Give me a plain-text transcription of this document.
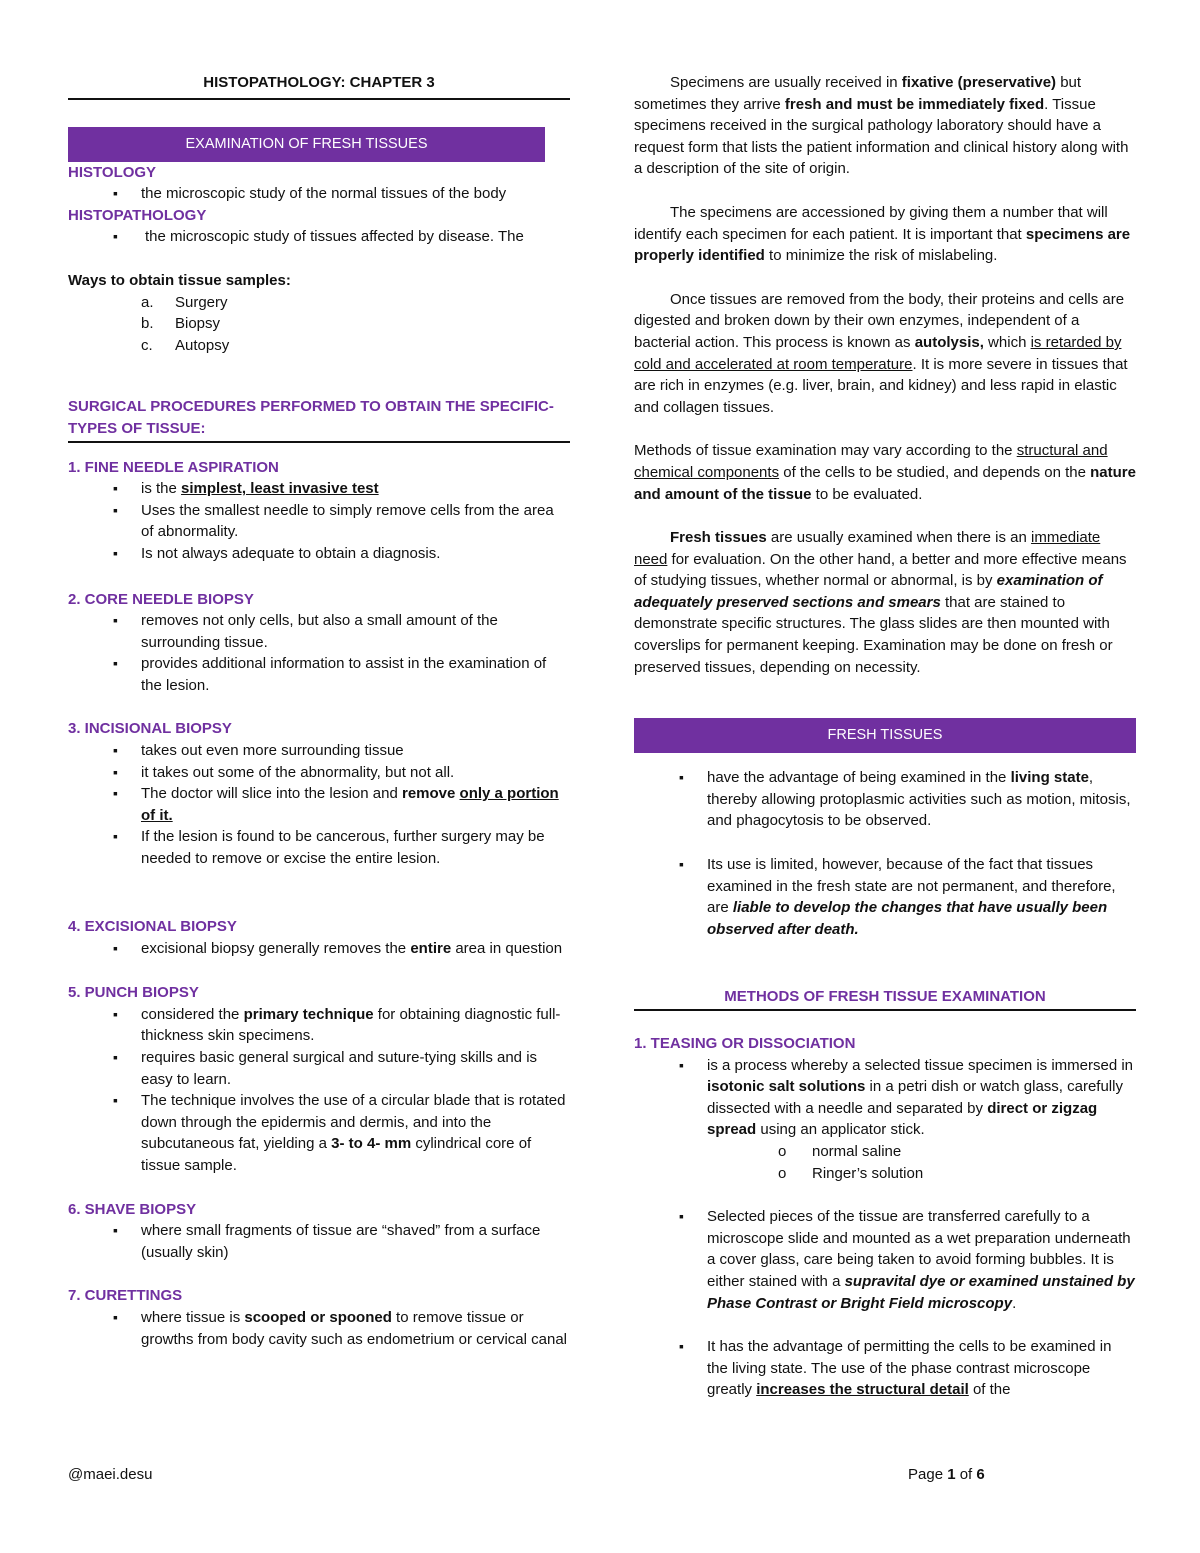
HISTOPATHOLOGY: CHAPTER 3
EXAMINATION OF FRESH TISSUES
HISTOLOGY
▪ the microscopic study of the normal tissues of the body
HISTOPATHOLOGY
▪ the microscopic study of tissues affected by disease. The
Ways to obtain tissue samples:
a. Surgery
b. Biopsy
c. Autopsy
SURGICAL PROCEDURES PERFORMED TO OBTAIN THE SPECIFIC-TYPES OF TISSUE:
1. FINE NEEDLE ASPIRATION
▪ is the simplest, least invasive test
▪ Uses the smallest needle to simply remove cells from the area of abnormality.
▪ Is not always adequate to obtain a diagnosis.
2. CORE NEEDLE BIOPSY
▪ removes not only cells, but also a small amount of the surrounding tissue.
▪ provides additional information to assist in the examination of the lesion.
3. INCISIONAL BIOPSY
▪ takes out even more surrounding tissue
▪ it takes out some of the abnormality, but not all.
▪ The doctor will slice into the lesion and remove only a portion of it.
▪ If the lesion is found to be cancerous, further surgery may be needed to remove or excise the entire lesion.
4. EXCISIONAL BIOPSY
▪ excisional biopsy generally removes the entire area in question
5. PUNCH BIOPSY
▪ considered the primary technique for obtaining diagnostic full-thickness skin specimens.
▪ requires basic general surgical and suture-tying skills and is easy to learn.
▪ The technique involves the use of a circular blade that is rotated down through the epidermis and dermis, and into the subcutaneous fat, yielding a 3- to 4- mm cylindrical core of tissue sample.
6. SHAVE BIOPSY
▪ where small fragments of tissue are “shaved” from a surface (usually skin)
7. CURETTINGS
▪ where tissue is scooped or spooned to remove tissue or growths from body cavity such as endometrium or cervical canal

Specimens are usually received in fixative (preservative) but sometimes they arrive fresh and must be immediately fixed. Tissue specimens received in the surgical pathology laboratory should have a request form that lists the patient information and clinical history along with a description of the site of origin.

The specimens are accessioned by giving them a number that will identify each specimen for each patient. It is important that specimens are properly identified to minimize the risk of mislabeling.

Once tissues are removed from the body, their proteins and cells are digested and broken down by their own enzymes, independent of a bacterial action. This process is known as autolysis, which is retarded by cold and accelerated at room temperature. It is more severe in tissues that are rich in enzymes (e.g. liver, brain, and kidney) and less rapid in elastic and collagen tissues.

Methods of tissue examination may vary according to the structural and chemical components of the cells to be studied, and depends on the nature and amount of the tissue to be evaluated.

Fresh tissues are usually examined when there is an immediate need for evaluation. On the other hand, a better and more effective means of studying tissues, whether normal or abnormal, is by examination of adequately preserved sections and smears that are stained to demonstrate specific structures. The glass slides are then mounted with coverslips for permanent keeping. Examination may be done on fresh or preserved tissues, depending on necessity.

FRESH TISSUES
▪ have the advantage of being examined in the living state, thereby allowing protoplasmic activities such as motion, mitosis, and phagocytosis to be observed.
▪ Its use is limited, however, because of the fact that tissues examined in the fresh state are not permanent, and therefore, are liable to develop the changes that have usually been observed after death.
METHODS OF FRESH TISSUE EXAMINATION
1. TEASING OR DISSOCIATION
▪ is a process whereby a selected tissue specimen is immersed in isotonic salt solutions in a petri dish or watch glass, carefully dissected with a needle and separated by direct or zigzag spread using an applicator stick.
o normal saline
o Ringer’s solution
▪ Selected pieces of the tissue are transferred carefully to a microscope slide and mounted as a wet preparation underneath a cover glass, care being taken to avoid forming bubbles. It is either stained with a supravital dye or examined unstained by Phase Contrast or Bright Field microscopy.
▪ It has the advantage of permitting the cells to be examined in the living state. The use of the phase contrast microscope greatly increases the structural detail of the
@maei.desu	Page 1 of 6
